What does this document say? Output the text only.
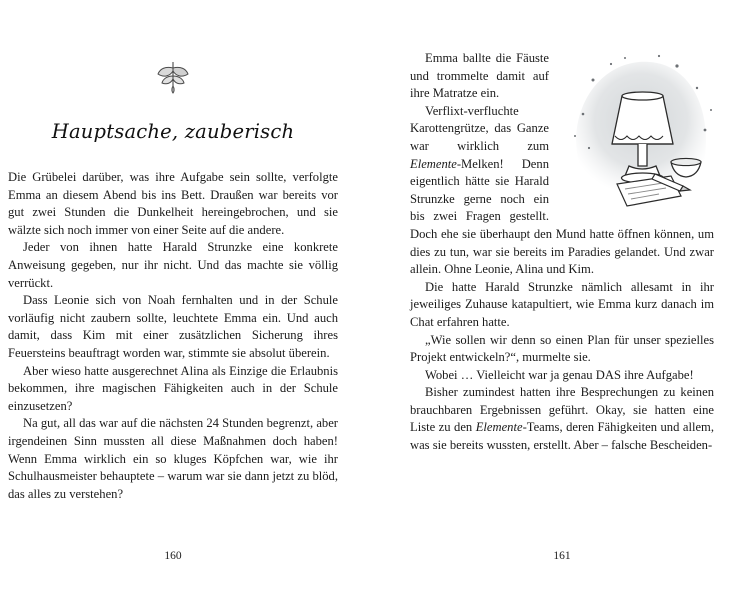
Hauptsache, zauberisch

Die Grübelei darüber, was ihre Aufgabe sein sollte, verfolgte Emma an diesem Abend bis ins Bett. Draußen war bereits vor gut zwei Stunden die Dunkelheit hereingebrochen, und sie wälzte sich noch immer von einer Seite auf die andere.

Jeder von ihnen hatte Harald Strunzke eine konkrete Anweisung gegeben, nur ihr nicht. Und das machte sie völlig verrückt.

Dass Leonie sich von Noah fernhalten und in der Schule vorläufig nicht zaubern sollte, leuchtete Emma ein. Und auch damit, dass Kim mit einer zusätzlichen Sicherung ihres Feuersteins beauftragt worden war, stimmte sie absolut überein.

Aber wieso hatte ausgerechnet Alina als Einzige die Erlaubnis bekommen, ihre magischen Fähigkeiten auch in der Schule einzusetzen?

Na gut, all das war auf die nächsten 24 Stunden begrenzt, aber irgendeinen Sinn mussten all diese Maßnahmen doch haben! Wenn Emma wirklich ein so kluges Köpfchen war, wie ihr Schulhausmeister behauptete – warum war sie dann jetzt zu blöd, das alles zu verstehen?

160

Emma ballte die Fäuste und trommelte damit auf ihre Matratze ein.

Verflixt-verfluchte Karottengrütze, das Ganze war wirklich zum Elemente-Melken! Denn eigentlich hätte sie Harald Strunzke gerne noch ein bis zwei Fragen gestellt. Doch ehe sie überhaupt den Mund hatte öffnen können, um dies zu tun, war sie bereits im Paradies gelandet. Und zwar allein. Ohne Leonie, Alina und Kim.

Die hatte Harald Strunzke nämlich allesamt in ihr jeweiliges Zuhause katapultiert, wie Emma kurz danach im Chat erfahren hatte.

„Wie sollen wir denn so einen Plan für unser spezielles Projekt entwickeln?“, murmelte sie.

Wobei … Vielleicht war ja genau DAS ihre Aufgabe!

Bisher zumindest hatten ihre Besprechungen zu keinen brauchbaren Ergebnissen geführt. Okay, sie hatten eine Liste zu den Elemente-Teams, deren Fähigkeiten und allem, was sie bereits wussten, erstellt. Aber – falsche Bescheiden-

161
